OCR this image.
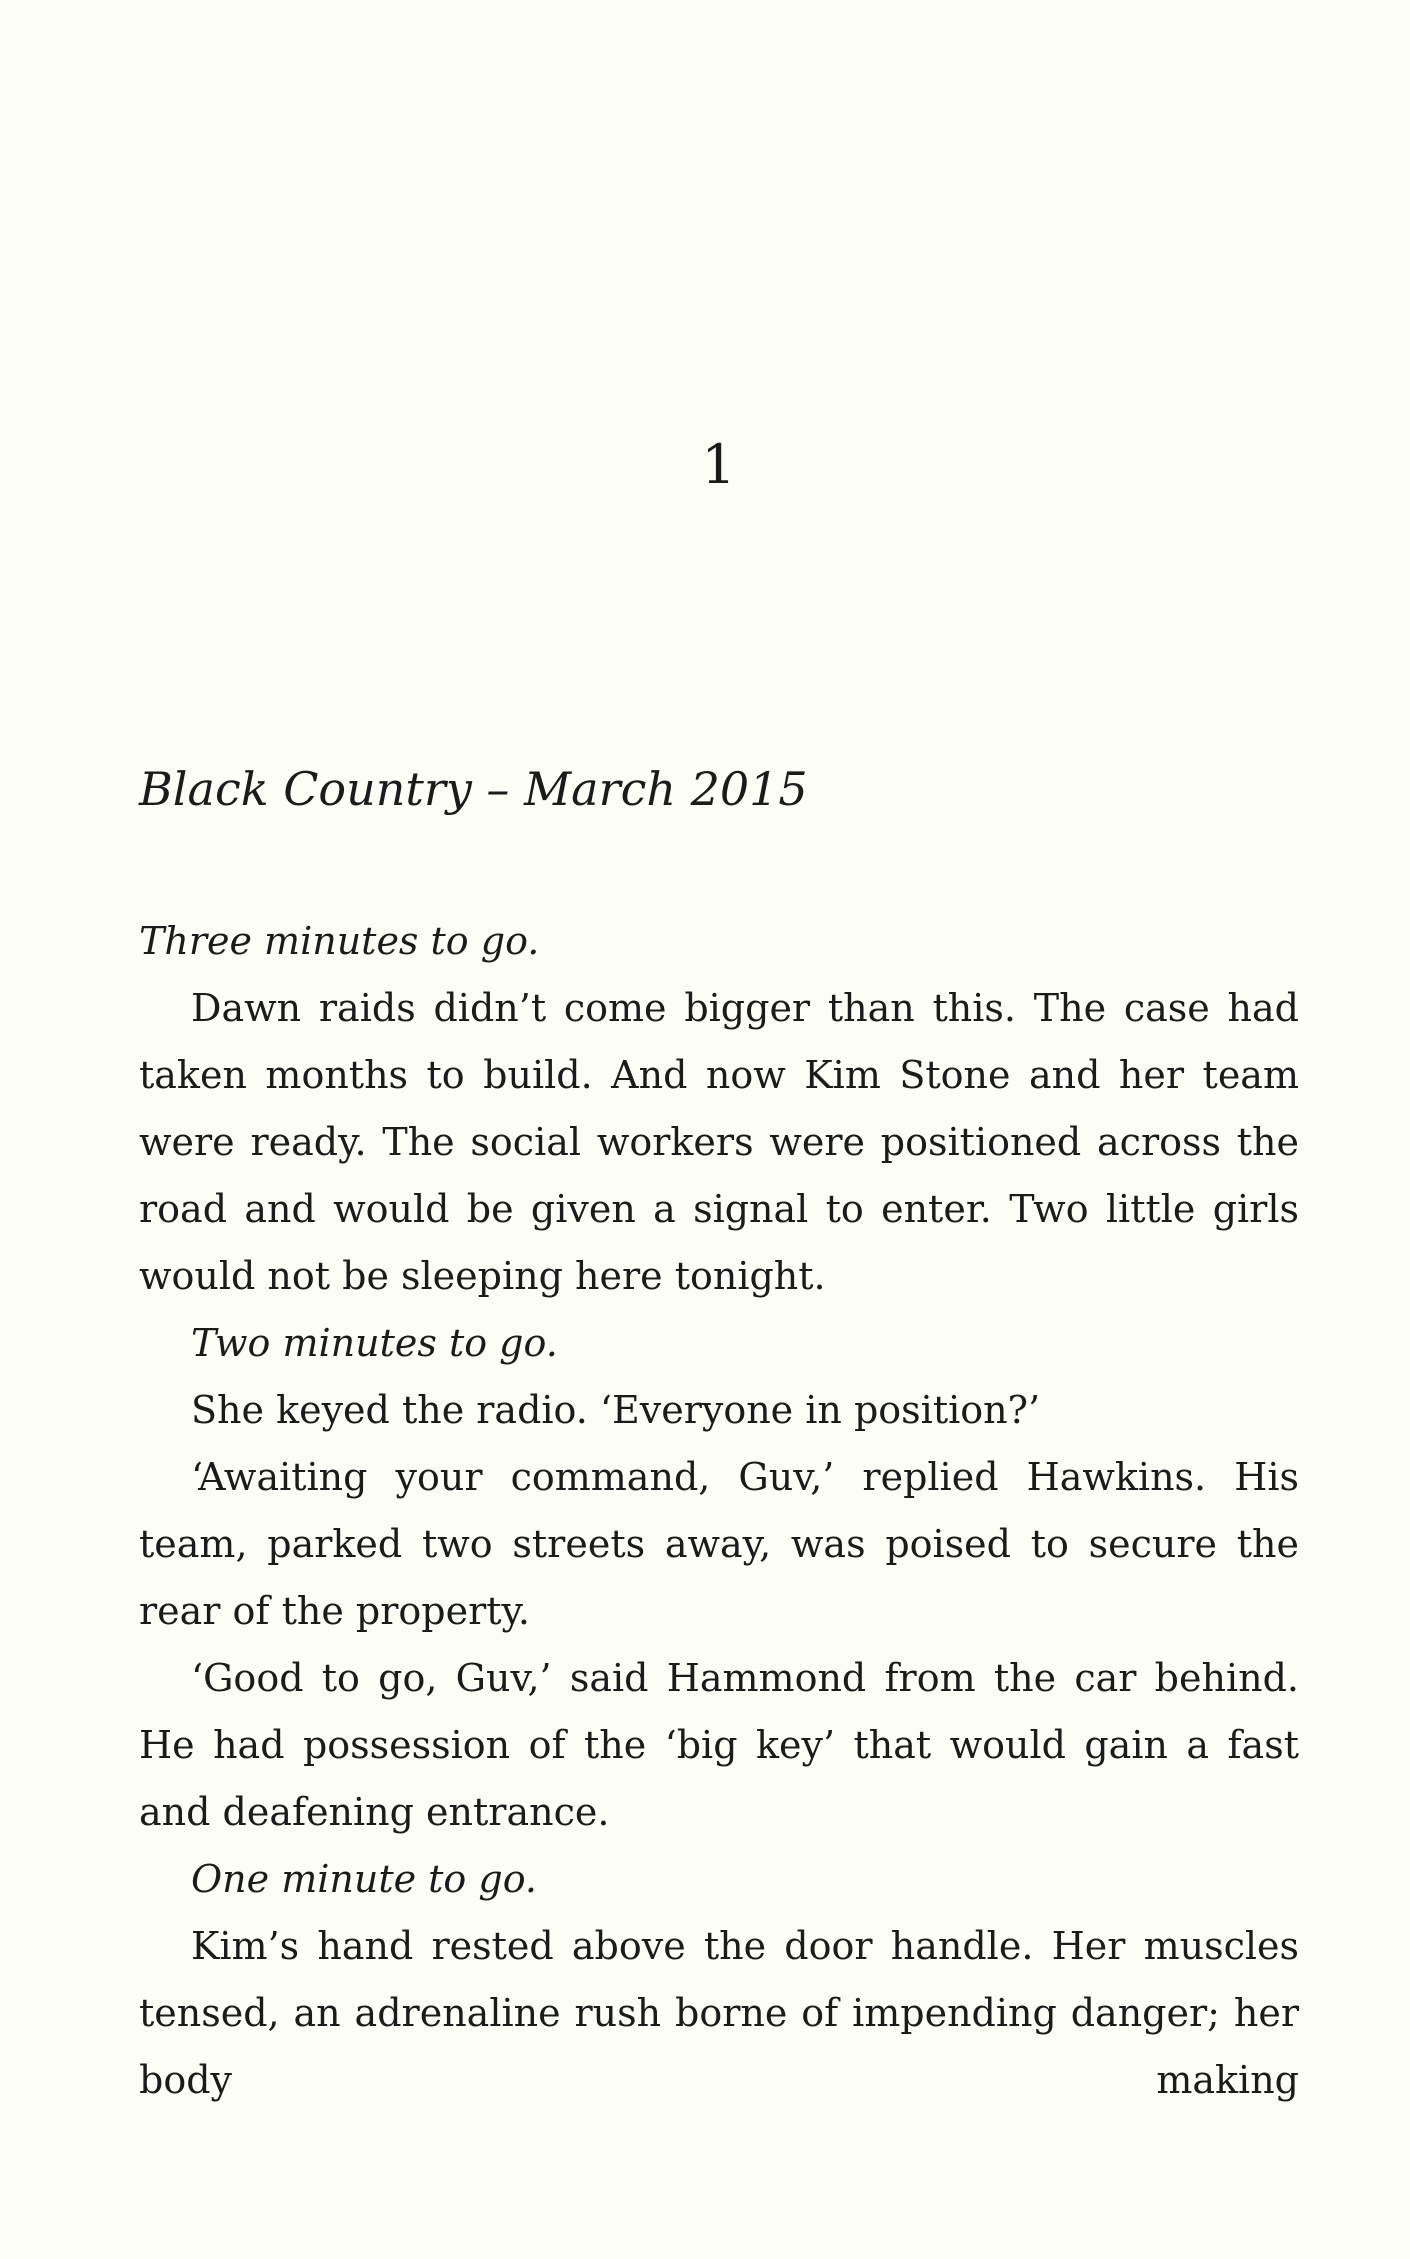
1
Black Country – March 2015

Three minutes to go.

Dawn raids didn’t come bigger than this. The case had taken months to build. And now Kim Stone and her team were ready. The social workers were positioned across the road and would be given a signal to enter. Two little girls would not be sleeping here tonight.

Two minutes to go.

She keyed the radio. ‘Everyone in position?’

‘Awaiting your command, Guv,’ replied Hawkins. His team, parked two streets away, was poised to secure the rear of the property.

‘Good to go, Guv,’ said Hammond from the car behind. He had possession of the ‘big key’ that would gain a fast and deafening entrance.

One minute to go.

Kim’s hand rested above the door handle. Her muscles tensed, an adrenaline rush borne of impending danger; her body making
